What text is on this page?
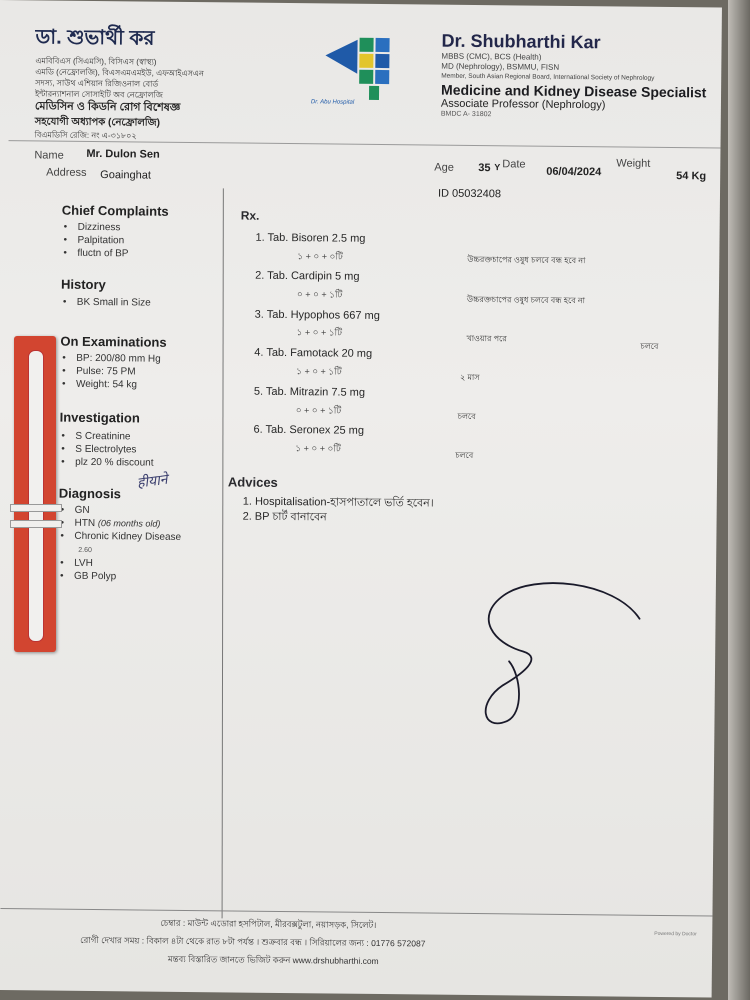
ডা. শুভার্থী কর
এমবিবিএস (সিএমসি), বিসিএস (স্বাস্থ্য)
এমডি (নেফ্রোলজি), বিএসএমএমইউ, এফআইএসএন
সদস্য, সাউথ এশিয়ান রিজিওনাল বোর্ড
ইন্টারন্যাশনাল সোসাইটি অব নেফ্রোলজি
মেডিসিন ও কিডনি রোগ বিশেষজ্ঞ
সহযোগী অধ্যাপক (নেফ্রোলজি)
বিএমডিসি রেজি: নং এ-৩১৮০২
Dr. Abu Hospital
Dr. Shubharthi Kar
MBBS (CMC), BCS (Health)
MD (Nephrology), BSMMU, FISN
Member, South Asian Regional Board, International Society of Nephrology
Medicine and Kidney Disease Specialist
Associate Professor (Nephrology)
BMDC A- 31802
Name Mr. Dulon Sen
Address Goainghat
Age 35 Y Date
06/04/2024
Weight
54 Kg
ID 05032408
Chief Complaints
• Dizziness
• Palpitation
• fluctn of BP
History
• BK Small in Size
On Examinations
• BP: 200/80 mm Hg
• Pulse: 75 PM
• Weight: 54 kg
Investigation
• S Creatinine
• S Electrolytes
• plz 20 % discount
हीयाने
Diagnosis
• GN
• HTN (06 months old)
• Chronic Kidney Disease
2.60
• LVH
• GB Polyp
Rx.
1. Tab. Bisoren 2.5 mg
১ + ০ + ০টি	উচ্চরক্তচাপের ওষুধ চলবে বন্ধ হবে না
2. Tab. Cardipin 5 mg
০ + ০ + ১টি
উচ্চরক্তচাপের ওষুধ চলবে বন্ধ হবে না
3. Tab. Hypophos 667 mg
১ + ০ + ১টি
খাওয়ার পরে
চলবে
4. Tab. Famotack 20 mg
১ + ০ + ১টি
২ মাস
5. Tab. Mitrazin 7.5 mg
০ + ০ + ১টি
চলবে
6. Tab. Seronex 25 mg
১ + ০ + ০টি
চলবে
Advices
1. Hospitalisation-হাসপাতালে ভর্তি হবেন।
2. BP চার্ট বানাবেন
চেম্বার : মাউন্ট এডোরা হসপিটাল, মীরবক্সটুলা, নয়াসড়ক, সিলেট।
রোগী দেখার সময় : বিকাল ৪টা থেকে রাত ৮টা পর্যন্ত । শুক্রবার বন্ধ । সিরিয়ালের জন্য : 01776 572087
মন্তব্য বিস্তারিত জানতে ভিজিট করুন www.drshubharthi.com
Powered by Doctor
